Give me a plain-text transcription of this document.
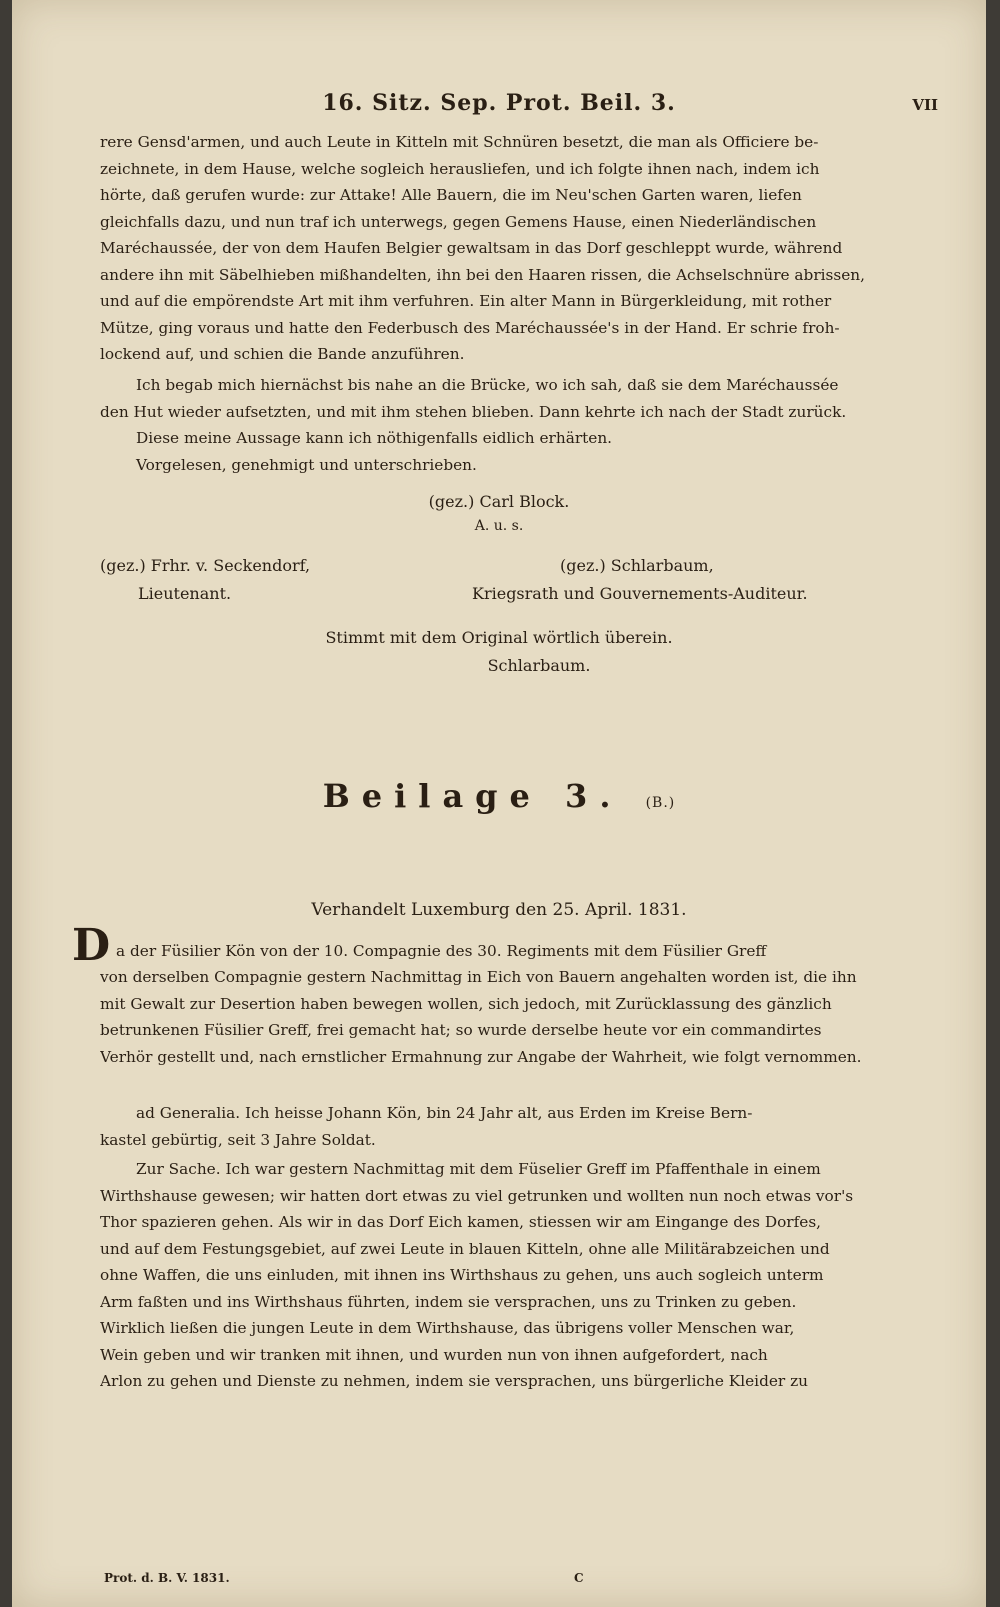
16. Sitz. Sep. Prot. Beil. 3.	VII
rere Gensd'armen, und auch Leute in Kitteln mit Schnüren besetzt, die man als Officiere be-
zeichnete, in dem Hause, welche sogleich herausliefen, und ich folgte ihnen nach, indem ich
hörte, daß gerufen wurde: zur Attake! Alle Bauern, die im Neu'schen Garten waren, liefen
gleichfalls dazu, und nun traf ich unterwegs, gegen Gemens Hause, einen Niederländischen
Maréchaussée, der von dem Haufen Belgier gewaltsam in das Dorf geschleppt wurde, während
andere ihn mit Säbelhieben mißhandelten, ihn bei den Haaren rissen, die Achselschnüre abrissen,
und auf die empörendste Art mit ihm verfuhren. Ein alter Mann in Bürgerkleidung, mit rother
Mütze, ging voraus und hatte den Federbusch des Maréchaussée's in der Hand. Er schrie froh-
lockend auf, und schien die Bande anzuführen.
Ich begab mich hiernächst bis nahe an die Brücke, wo ich sah, daß sie dem Maréchaussée
den Hut wieder aufsetzten, und mit ihm stehen blieben. Dann kehrte ich nach der Stadt zurück.
Diese meine Aussage kann ich nöthigenfalls eidlich erhärten.
Vorgelesen, genehmigt und unterschrieben.
(gez.) Carl Block.
A. u. s.
(gez.) Frhr. v. Seckendorf,	(gez.) Schlarbaum,
Lieutenant.	Kriegsrath und Gouvernements-Auditeur.
Stimmt mit dem Original wörtlich überein.
Schlarbaum.
Beilage 3. (B.)
Verhandelt Luxemburg den 25. April. 1831.
D a der Füsilier Kön von der 10. Compagnie des 30. Regiments mit dem Füsilier Greff
von derselben Compagnie gestern Nachmittag in Eich von Bauern angehalten worden ist, die ihn
mit Gewalt zur Desertion haben bewegen wollen, sich jedoch, mit Zurücklassung des gänzlich
betrunkenen Füsilier Greff, frei gemacht hat; so wurde derselbe heute vor ein commandirtes
Verhör gestellt und, nach ernstlicher Ermahnung zur Angabe der Wahrheit, wie folgt vernommen.
ad Generalia. Ich heisse Johann Kön, bin 24 Jahr alt, aus Erden im Kreise Bern-
kastel gebürtig, seit 3 Jahre Soldat.
Zur Sache. Ich war gestern Nachmittag mit dem Füselier Greff im Pfaffenthale in einem
Wirthshause gewesen; wir hatten dort etwas zu viel getrunken und wollten nun noch etwas vor's
Thor spazieren gehen. Als wir in das Dorf Eich kamen, stiessen wir am Eingange des Dorfes,
und auf dem Festungsgebiet, auf zwei Leute in blauen Kitteln, ohne alle Militärabzeichen und
ohne Waffen, die uns einluden, mit ihnen ins Wirthshaus zu gehen, uns auch sogleich unterm
Arm faßten und ins Wirthshaus führten, indem sie versprachen, uns zu Trinken zu geben.
Wirklich ließen die jungen Leute in dem Wirthshause, das übrigens voller Menschen war,
Wein geben und wir tranken mit ihnen, und wurden nun von ihnen aufgefordert, nach
Arlon zu gehen und Dienste zu nehmen, indem sie versprachen, uns bürgerliche Kleider zu
Prot. d. B. V. 1831.	C
